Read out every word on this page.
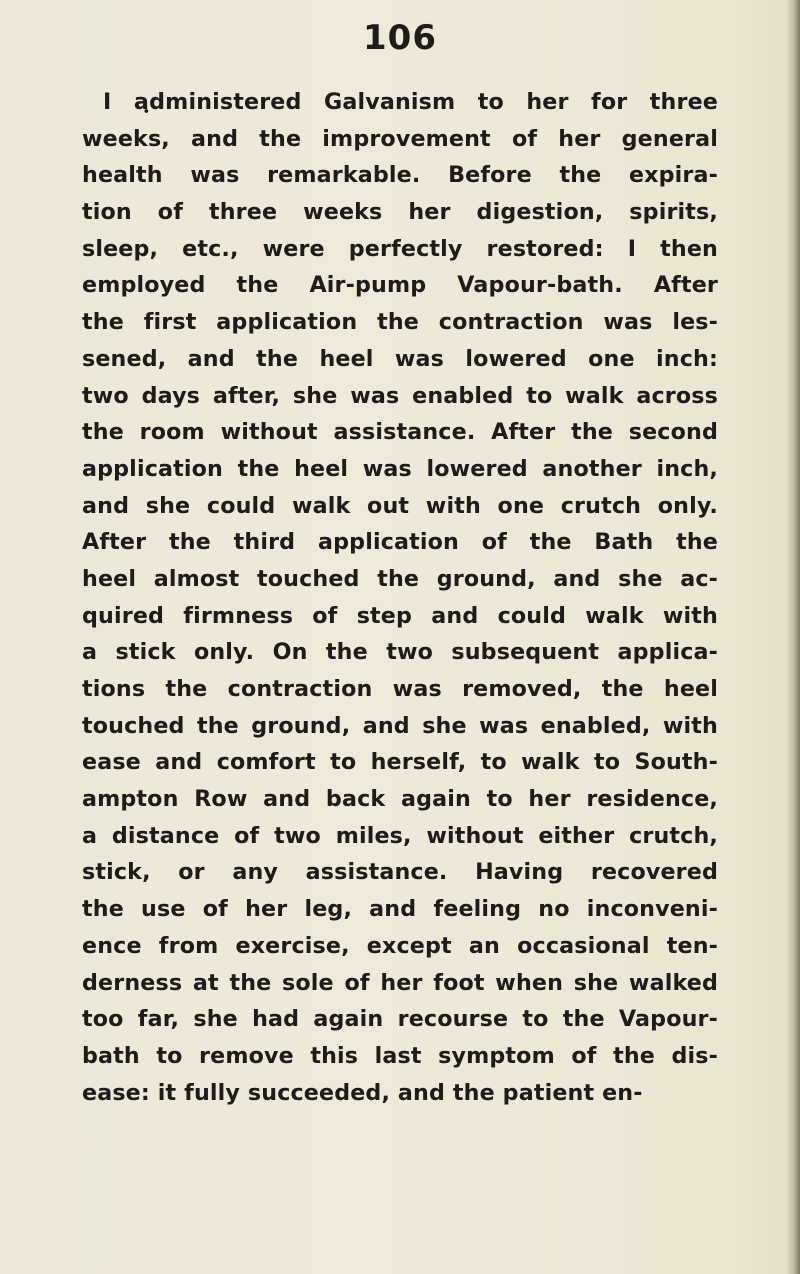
106
I aฺdministered Galvanism to her for three
weeks, and the improvement of her general
health was remarkable. Before the expira-
tion of three weeks her digestion, spirits,
sleep, etc., were perfectly restored: I then
employed the Air-pump Vapour-bath. After
the first application the contraction was les-
sened, and the heel was lowered one inch:
two days after, she was enabled to walk across
the room without assistance. After the second
application the heel was lowered another inch,
and she could walk out with one crutch only.
After the third application of the Bath the
heel almost touched the ground, and she ac-
quired firmness of step and could walk with
a stick only. On the two subsequent applica-
tions the contraction was removed, the heel
touched the ground, and she was enabled, with
ease and comfort to herself, to walk to South-
ampton Row and back again to her residence,
a distance of two miles, without either crutch,
stick, or any assistance. Having recovered
the use of her leg, and feeling no inconveni-
ence from exercise, except an occasional ten-
derness at the sole of her foot when she walked
too far, she had again recourse to the Vapour-
bath to remove this last symptom of the dis-
ease: it fully succeeded, and the patient en-
